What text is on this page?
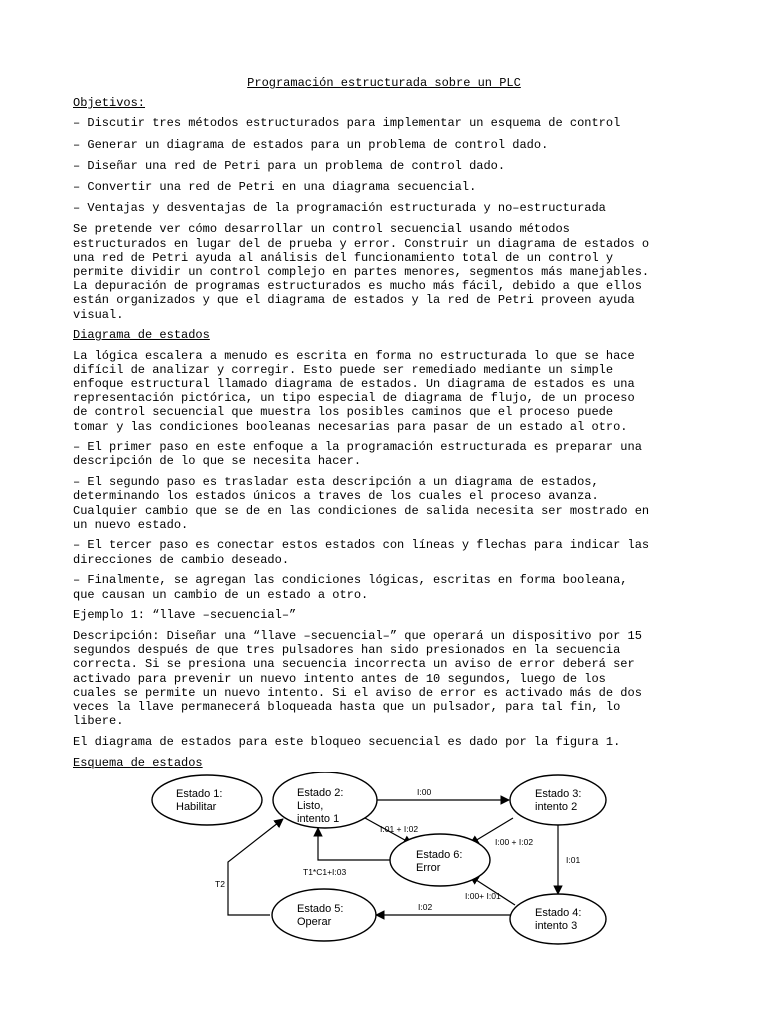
Programación estructurada sobre un PLC
Objetivos:
– Discutir tres métodos estructurados para implementar un esquema de control
– Generar un diagrama de estados para un problema de control dado.
– Diseñar una red de Petri para un problema de control dado.
– Convertir una red de Petri en una diagrama secuencial.
– Ventajas y desventajas de la programación estructurada y no–estructurada
Se pretende ver cómo desarrollar un control secuencial usando métodos
estructurados en lugar del de prueba y error. Construir un diagrama de estados o
una red de Petri ayuda al análisis del funcionamiento total de un control y
permite dividir un control complejo en partes menores, segmentos más manejables.
La depuración de programas estructurados es mucho más fácil, debido a que ellos
están organizados y que el diagrama de estados y la red de Petri proveen ayuda
visual.
Diagrama de estados
La lógica escalera a menudo es escrita en forma no estructurada lo que se hace
difícil de analizar y corregir. Esto puede ser remediado mediante un simple
enfoque estructural llamado diagrama de estados. Un diagrama de estados es una
representación pictórica, un tipo especial de diagrama de flujo, de un proceso
de control secuencial que muestra los posibles caminos que el proceso puede
tomar y las condiciones booleanas necesarias para pasar de un estado al otro.
– El primer paso en este enfoque a la programación estructurada es preparar una
descripción de lo que se necesita hacer.
– El segundo paso es trasladar esta descripción a un diagrama de estados,
determinando los estados únicos a traves de los cuales el proceso avanza.
Cualquier cambio que se de en las condiciones de salida necesita ser mostrado en
un nuevo estado.
– El tercer paso es conectar estos estados con líneas y flechas para indicar las
direcciones de cambio deseado.
– Finalmente, se agregan las condiciones lógicas, escritas en forma booleana,
que causan un cambio de un estado a otro.
Ejemplo 1: “llave –secuencial–”
Descripción: Diseñar una “llave –secuencial–” que operará un dispositivo por 15
segundos después de que tres pulsadores han sido presionados en la secuencia
correcta. Si se presiona una secuencia incorrecta un aviso de error deberá ser
activado para prevenir un nuevo intento antes de 10 segundos, luego de los
cuales se permite un nuevo intento. Si el aviso de error es activado más de dos
veces la llave permanecerá bloqueada hasta que un pulsador, para tal fin, lo
libere.
El diagrama de estados para este bloqueo secuencial es dado por la figura 1.
Esquema de estados
I:00
I:01 + I:02
I:00 + I:02
I:01
T1*C1+I:03
I:00+ I:01
I:02
T2
Estado 1:
Habilitar
Estado 2:
Listo,
intento 1
Estado 3:
intento 2
Estado 4:
intento 3
Estado 5:
Operar
Estado 6:
Error
